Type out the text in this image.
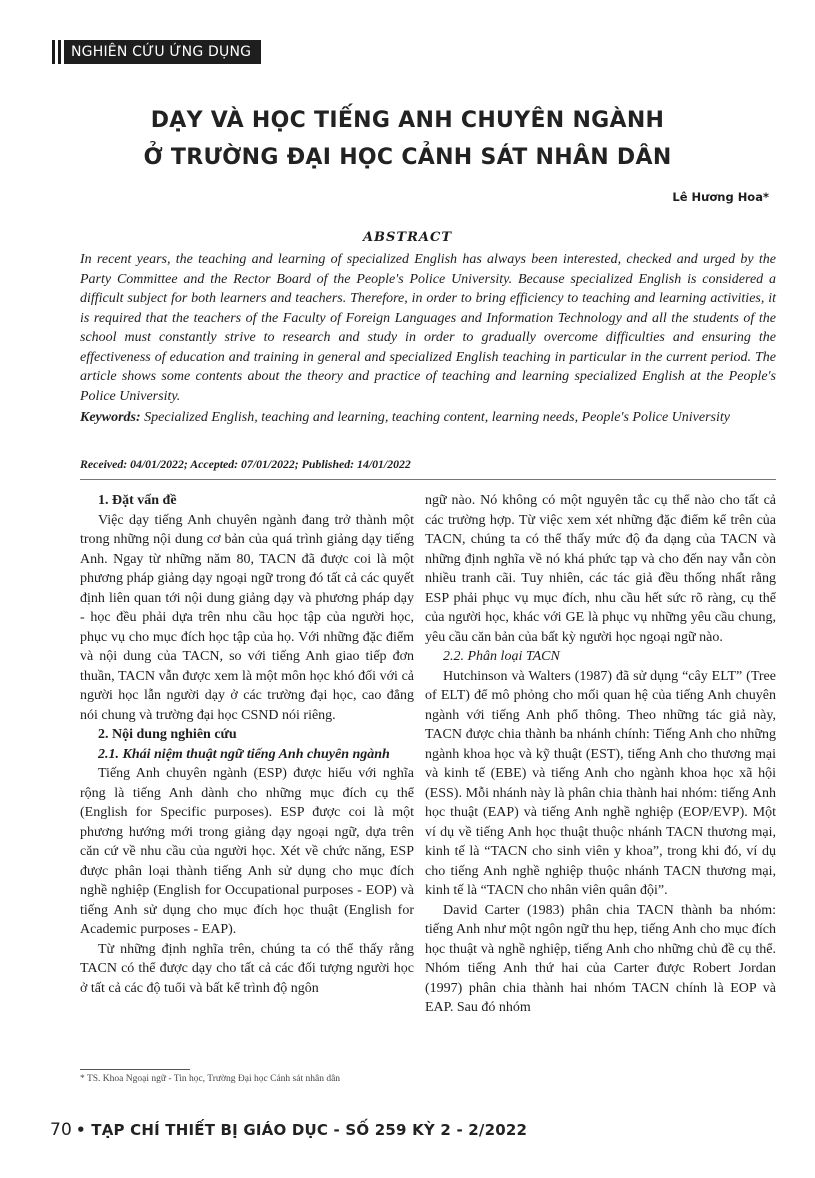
NGHIÊN CỨU ỨNG DỤNG
DẠY VÀ HỌC TIẾNG ANH CHUYÊN NGÀNH
Ở TRƯỜNG ĐẠI HỌC CẢNH SÁT NHÂN DÂN
Lê Hương Hoa*
ABSTRACT

In recent years, the teaching and learning of specialized English has always been interested, checked and urged by the Party Committee and the Rector Board of the People's Police University. Because specialized English is considered a difficult subject for both learners and teachers. Therefore, in order to bring efficiency to teaching and learning activities, it is required that the teachers of the Faculty of Foreign Languages and Information Technology and all the students of the school must constantly strive to research and study in order to gradually overcome difficulties and ensuring the effectiveness of education and training in general and specialized English teaching in particular in the current period. The article shows some contents about the theory and practice of teaching and learning specialized English at the People's Police University.

Keywords: Specialized English, teaching and learning, teaching content, learning needs, People's Police University

Received: 04/01/2022; Accepted: 07/01/2022; Published: 14/01/2022
1. Đặt vấn đề

Việc dạy tiếng Anh chuyên ngành đang trở thành một trong những nội dung cơ bản của quá trình giảng dạy tiếng Anh. Ngay từ những năm 80, TACN đã được coi là một phương pháp giảng dạy ngoại ngữ trong đó tất cả các quyết định liên quan tới nội dung giảng dạy và phương pháp dạy - học đều phải dựa trên nhu cầu học tập của người học, phục vụ cho mục đích học tập của họ. Với những đặc điểm và nội dung của TACN, so với tiếng Anh giao tiếp đơn thuần, TACN vẫn được xem là một môn học khó đối với cả người học lẫn người dạy ở các trường đại học, cao đẳng nói chung và trường đại học CSND nói riêng.

2. Nội dung nghiên cứu
2.1. Khái niệm thuật ngữ tiếng Anh chuyên ngành

Tiếng Anh chuyên ngành (ESP) được hiểu với nghĩa rộng là tiếng Anh dành cho những mục đích cụ thể (English for Specific purposes). ESP được coi là một phương hướng mới trong giảng dạy ngoại ngữ, dựa trên căn cứ về nhu cầu của người học. Xét về chức năng, ESP được phân loại thành tiếng Anh sử dụng cho mục đích nghề nghiệp (English for Occupational purposes - EOP) và tiếng Anh sử dụng cho mục đích học thuật (English for Academic purposes - EAP).

Từ những định nghĩa trên, chúng ta có thể thấy rằng TACN có thể được dạy cho tất cả các đối tượng người học ở tất cả các độ tuổi và bất kể trình độ ngôn

ngữ nào. Nó không có một nguyên tắc cụ thể nào cho tất cả các trường hợp. Từ việc xem xét những đặc điểm kể trên của TACN, chúng ta có thể thấy mức độ đa dạng của TACN và những định nghĩa về nó khá phức tạp và cho đến nay vẫn còn nhiều tranh cãi. Tuy nhiên, các tác giả đều thống nhất rằng ESP phải phục vụ mục đích, nhu cầu hết sức rõ ràng, cụ thể của người học, khác với GE là phục vụ những yêu cầu chung, yêu cầu căn bản của bất kỳ người học ngoại ngữ nào.

2.2. Phân loại TACN

Hutchinson và Walters (1987) đã sử dụng “cây ELT” (Tree of ELT) để mô phỏng cho mối quan hệ của tiếng Anh chuyên ngành với tiếng Anh phổ thông. Theo những tác giả này, TACN được chia thành ba nhánh chính: Tiếng Anh cho những ngành khoa học và kỹ thuật (EST), tiếng Anh cho thương mại và kinh tế (EBE) và tiếng Anh cho ngành khoa học xã hội (ESS). Mỗi nhánh này là phân chia thành hai nhóm: tiếng Anh học thuật (EAP) và tiếng Anh nghề nghiệp (EOP/EVP). Một ví dụ về tiếng Anh học thuật thuộc nhánh TACN thương mại, kinh tế là “TACN cho sinh viên y khoa”, trong khi đó, ví dụ cho tiếng Anh nghề nghiệp thuộc nhánh TACN thương mại, kinh tế là “TACN cho nhân viên quân đội”.

David Carter (1983) phân chia TACN thành ba nhóm: tiếng Anh như một ngôn ngữ thu hẹp, tiếng Anh cho mục đích học thuật và nghề nghiệp, tiếng Anh cho những chủ đề cụ thể. Nhóm tiếng Anh thứ hai của Carter được Robert Jordan (1997) phân chia thành hai nhóm TACN chính là EOP và EAP. Sau đó nhóm

* TS. Khoa Ngoại ngữ - Tin học, Trường Đại học Cảnh sát nhân dân
70 • TẠP CHÍ THIẾT BỊ GIÁO DỤC - SỐ 259 KỲ 2 - 2/2022
